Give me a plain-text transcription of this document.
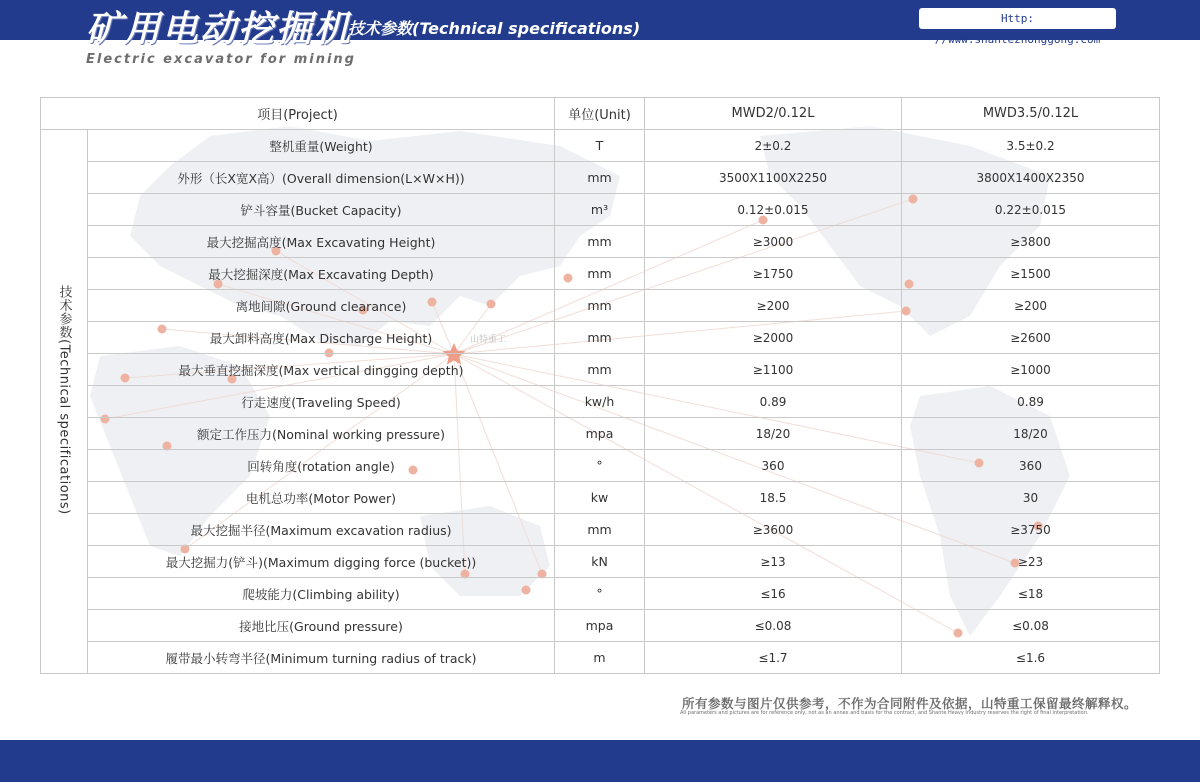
矿用电动挖掘机
Electric excavator for mining
技术参数(Technical specifications)
Http: //www.shantezhonggong.com
山特重工
项目(Project)		单位(Unit)	MWD2/0.12L	MWD3.5/0.12L
技术参数(Technical specifications)	整机重量(Weight)	T	2±0.2	3.5±0.2
	外形（长X宽X高）(Overall dimension(L×W×H))	mm	3500X1100X2250	3800X1400X2350
	铲斗容量(Bucket Capacity)	m³	0.12±0.015	0.22±0.015
	最大挖掘高度(Max Excavating Height)	mm	≥3000	≥3800
	最大挖掘深度(Max Excavating Depth)	mm	≥1750	≥1500
	离地间隙(Ground clearance)	mm	≥200	≥200
	最大卸料高度(Max Discharge Height)	mm	≥2000	≥2600
	最大垂直挖掘深度(Max vertical dingging depth)	mm	≥1100	≥1000
	行走速度(Traveling Speed)	kw/h	0.89	0.89
	额定工作压力(Nominal working pressure)	mpa	18/20	18/20
	回转角度(rotation angle)	°	360	360
	电机总功率(Motor Power)	kw	18.5	30
	最大挖掘半径(Maximum excavation radius)	mm	≥3600	≥3750
	最大挖掘力(铲斗)(Maximum digging force (bucket))	kN	≥13	≥23
	爬坡能力(Climbing ability)	°	≤16	≤18
	接地比压(Ground pressure)	mpa	≤0.08	≤0.08
	履带最小转弯半径(Minimum turning radius of track)	m	≤1.7	≤1.6
所有参数与图片仅供参考，不作为合同附件及依据，山特重工保留最终解释权。
All parameters and pictures are for reference only, not as an annex and basis for the contract, and Shante Heavy Industry reserves the right of final interpretation.
